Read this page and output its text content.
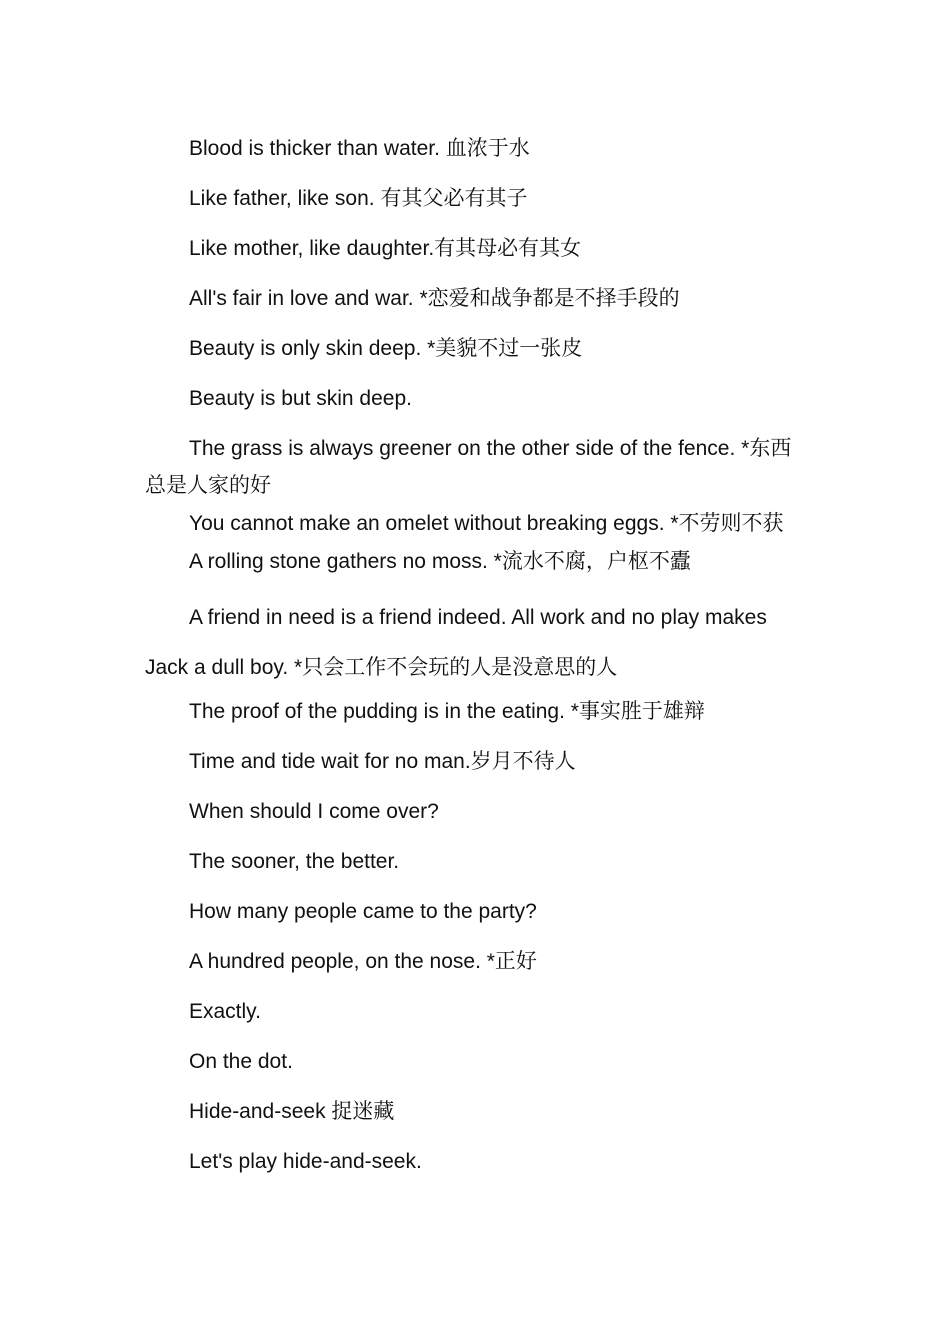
Blood is thicker than water. 血浓于水

Like father, like son. 有其父必有其子

Like mother, like daughter.有其母必有其女

All's fair in love and war. *恋爱和战争都是不择手段的

Beauty is only skin deep. *美貌不过一张皮

Beauty is but skin deep.

The grass is always greener on the other side of the fence. *东西总是人家的好

You cannot make an omelet without breaking eggs. *不劳则不获

A rolling stone gathers no moss. *流水不腐，户枢不蠹

A friend in need is a friend indeed. All work and no play makes Jack a dull boy. *只会工作不会玩的人是没意思的人

The proof of the pudding is in the eating. *事实胜于雄辩

Time and tide wait for no man.岁月不待人

When should I come over?

The sooner, the better.

How many people came to the party?

A hundred people, on the nose. *正好

Exactly.

On the dot.

Hide-and-seek 捉迷藏

Let's play hide-and-seek.
